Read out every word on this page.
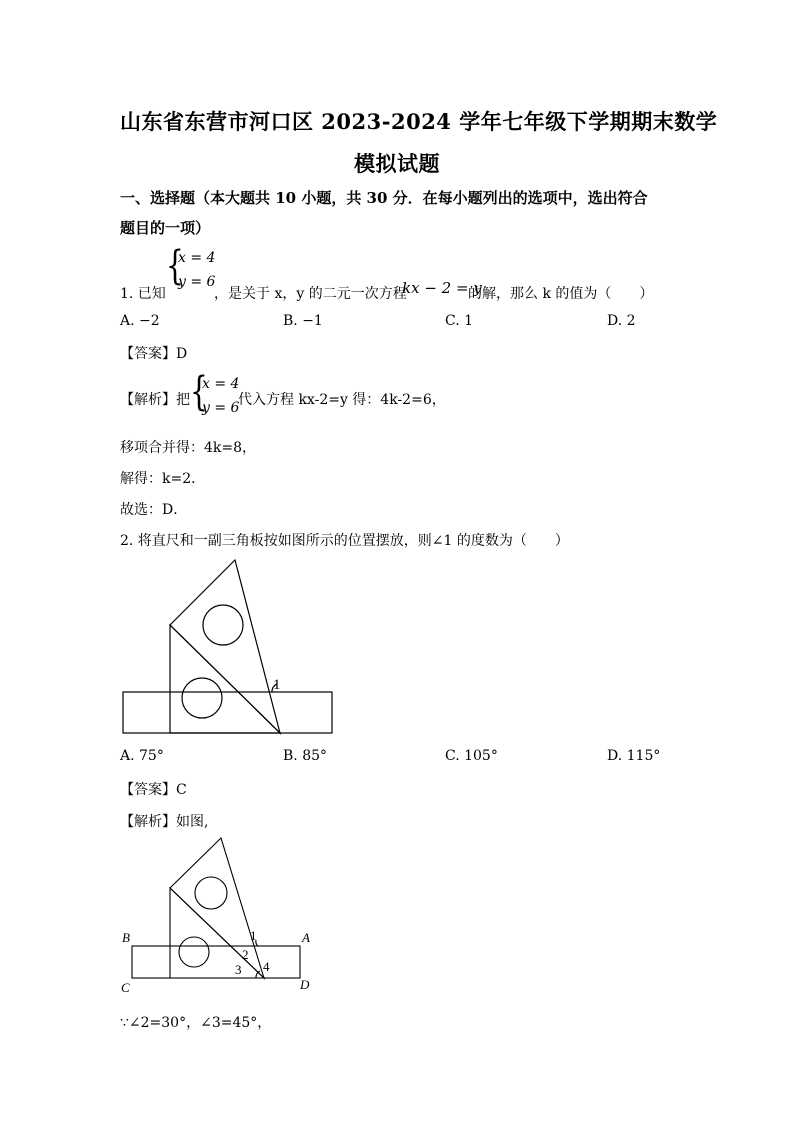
山东省东营市河口区 2023-2024 学年七年级下学期期末数学
模拟试题
一、选择题（本大题共 10 小题，共 30 分．在每小题列出的选项中，选出符合
题目的一项）
1. 已知
{
x = 4
y = 6
，是关于 x，y 的二元一次方程
kx − 2 = y
的解，那么 k 的值为（　　）
A. −2	B. −1	C. 1	D. 2
【答案】D
【解析】把 {
x = 4
y = 6
代入方程 kx-2=y 得：4k-2=6，
移项合并得：4k=8，
解得：k=2．
故选：D．
2. 将直尺和一副三角板按如图所示的位置摆放，则∠1 的度数为（　　）
1
A. 75°	B. 85°	C. 105°	D. 115°
【答案】C
【解析】如图,
B	A
C	D
1
2
3 4
∵∠2=30°，∠3=45°，
